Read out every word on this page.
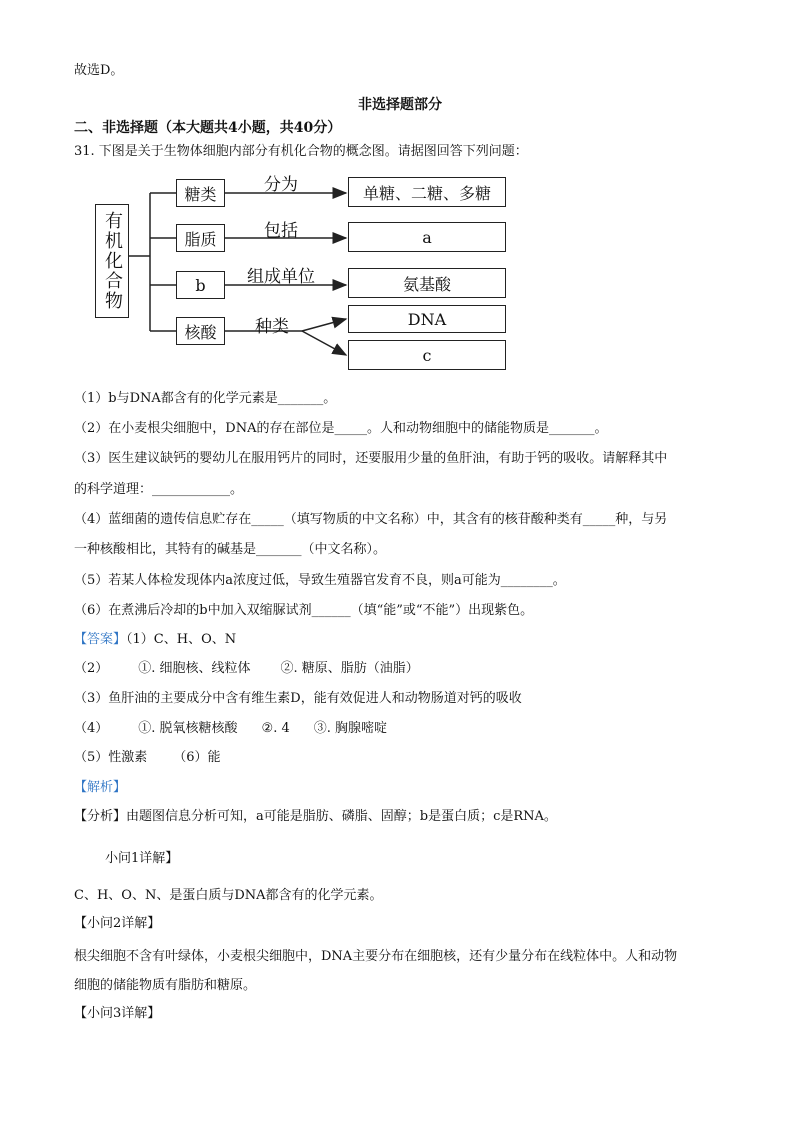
故选D。
非选择题部分
二、非选择题（本大题共4小题，共40分）
31. 下图是关于生物体细胞内部分有机化合物的概念图。请据图回答下列问题：
有机化合物
糖类
脂质
b
核酸
分为
包括
组成单位
种类
单糖、二糖、多糖
a
氨基酸
DNA
c
（1）b与DNA都含有的化学元素是_______。
（2）在小麦根尖细胞中，DNA的存在部位是_____。人和动物细胞中的储能物质是_______。
（3）医生建议缺钙的婴幼儿在服用钙片的同时，还要服用少量的鱼肝油，有助于钙的吸收。请解释其中
的科学道理：____________。
（4）蓝细菌的遗传信息贮存在_____（填写物质的中文名称）中，其含有的核苷酸种类有_____种，与另
一种核酸相比，其特有的碱基是_______（中文名称）。
（5）若某人体检发现体内a浓度过低，导致生殖器官发育不良，则a可能为________。
（6）在煮沸后冷却的b中加入双缩脲试剂______（填“能”或“不能”）出现紫色。
【答案】（1）C、H、O、N
（2） ①. 细胞核、线粒体 ②. 糖原、脂肪（油脂）
（3）鱼肝油的主要成分中含有维生素D，能有效促进人和动物肠道对钙的吸收
（4） ①. 脱氧核糖核酸 ②. 4 ③. 胸腺嘧啶
（5）性激素 （6）能
【解析】
【分析】由题图信息分析可知，a可能是脂肪、磷脂、固醇；b是蛋白质；c是RNA。
小问1详解】
C、H、O、N、是蛋白质与DNA都含有的化学元素。
【小问2详解】
根尖细胞不含有叶绿体，小麦根尖细胞中，DNA主要分布在细胞核，还有少量分布在线粒体中。人和动物
细胞的储能物质有脂肪和糖原。
【小问3详解】
